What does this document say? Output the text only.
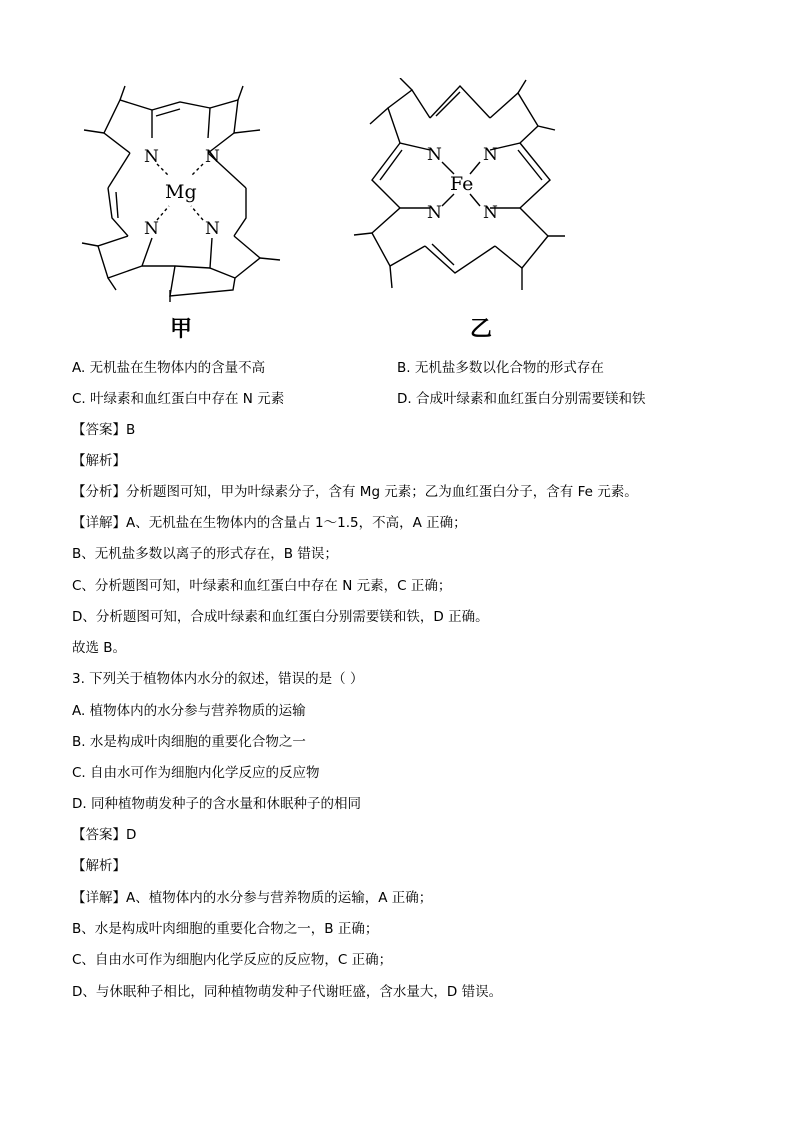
N	N
N	N
Mg
甲
N N
N N
Fe
乙
A. 无机盐在生物体内的含量不高	B. 无机盐多数以化合物的形式存在
C. 叶绿素和血红蛋白中存在 N 元素	D. 合成叶绿素和血红蛋白分别需要镁和铁
【答案】B
【解析】
【分析】分析题图可知，甲为叶绿素分子，含有 Mg 元素；乙为血红蛋白分子，含有 Fe 元素。
【详解】A、无机盐在生物体内的含量占 1～1.5，不高，A 正确；
B、无机盐多数以离子的形式存在，B 错误；
C、分析题图可知，叶绿素和血红蛋白中存在 N 元素，C 正确；
D、分析题图可知，合成叶绿素和血红蛋白分别需要镁和铁，D 正确。
故选 B。
3. 下列关于植物体内水分的叙述，错误的是（ ）
A. 植物体内的水分参与营养物质的运输
B. 水是构成叶肉细胞的重要化合物之一
C. 自由水可作为细胞内化学反应的反应物
D. 同种植物萌发种子的含水量和休眠种子的相同
【答案】D
【解析】
【详解】A、植物体内的水分参与营养物质的运输，A 正确；
B、水是构成叶肉细胞的重要化合物之一，B 正确；
C、自由水可作为细胞内化学反应的反应物，C 正确；
D、与休眠种子相比，同种植物萌发种子代谢旺盛，含水量大，D 错误。
